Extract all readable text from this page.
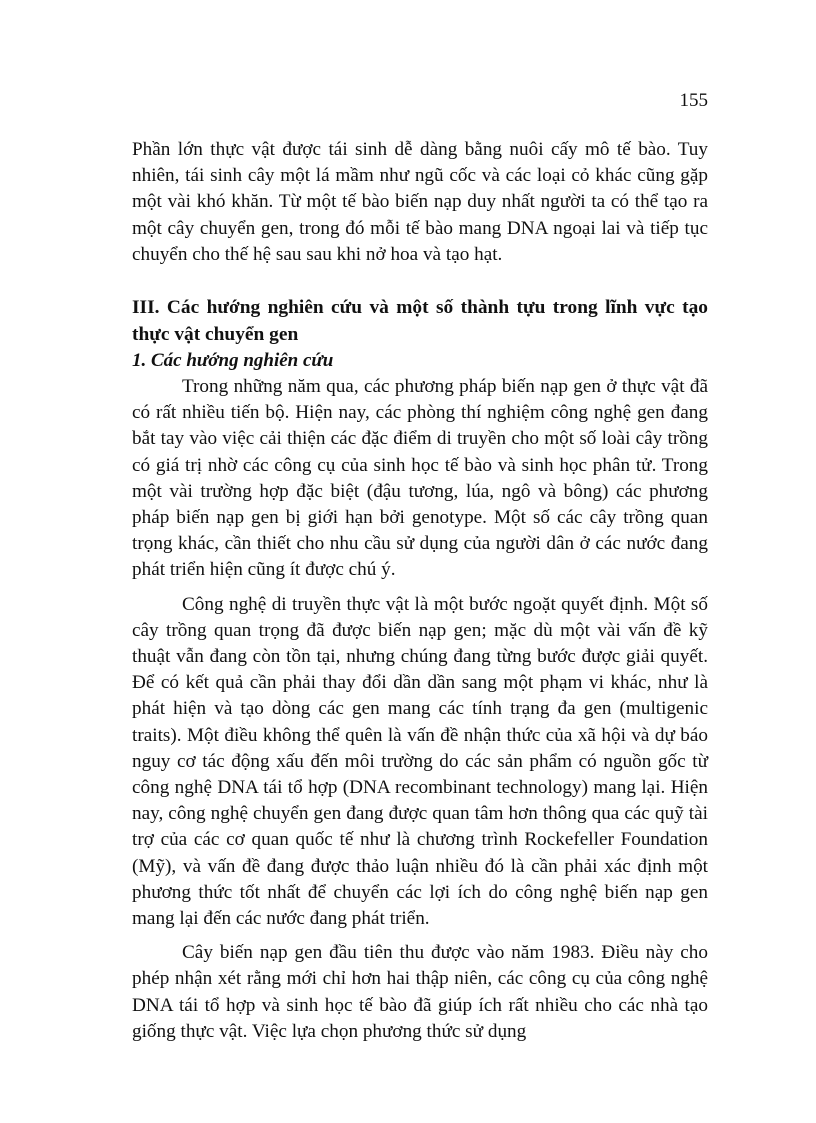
155

Phần lớn thực vật được tái sinh dễ dàng bằng nuôi cấy mô tế bào. Tuy nhiên, tái sinh cây một lá mầm như ngũ cốc và các loại cỏ khác cũng gặp một vài khó khăn. Từ một tế bào biến nạp duy nhất người ta có thể tạo ra một cây chuyển gen, trong đó mỗi tế bào mang DNA ngoại lai và tiếp tục chuyển cho thế hệ sau sau khi nở hoa và tạo hạt.

III. Các hướng nghiên cứu và một số thành tựu trong lĩnh vực tạo thực vật chuyển gen
1. Các hướng nghiên cứu

Trong những năm qua, các phương pháp biến nạp gen ở thực vật đã có rất nhiều tiến bộ. Hiện nay, các phòng thí nghiệm công nghệ gen đang bắt tay vào việc cải thiện các đặc điểm di truyền cho một số loài cây trồng có giá trị nhờ các công cụ của sinh học tế bào và sinh học phân tử. Trong một vài trường hợp đặc biệt (đậu tương, lúa, ngô và bông) các phương pháp biến nạp gen bị giới hạn bởi genotype. Một số các cây trồng quan trọng khác, cần thiết cho nhu cầu sử dụng của người dân ở các nước đang phát triển hiện cũng ít được chú ý.

Công nghệ di truyền thực vật là một bước ngoặt quyết định. Một số cây trồng quan trọng đã được biến nạp gen; mặc dù một vài vấn đề kỹ thuật vẫn đang còn tồn tại, nhưng chúng đang từng bước được giải quyết. Để có kết quả cần phải thay đổi dần dần sang một phạm vi khác, như là phát hiện và tạo dòng các gen mang các tính trạng đa gen (multigenic traits). Một điều không thể quên là vấn đề nhận thức của xã hội và dự báo nguy cơ tác động xấu đến môi trường do các sản phẩm có nguồn gốc từ công nghệ DNA tái tổ hợp (DNA recombinant technology) mang lại. Hiện nay, công nghệ chuyển gen đang được quan tâm hơn thông qua các quỹ tài trợ của các cơ quan quốc tế như là chương trình Rockefeller Foundation (Mỹ), và vấn đề đang được thảo luận nhiều đó là cần phải xác định một phương thức tốt nhất để chuyển các lợi ích do công nghệ biến nạp gen mang lại đến các nước đang phát triển.

Cây biến nạp gen đầu tiên thu được vào năm 1983. Điều này cho phép nhận xét rằng mới chỉ hơn hai thập niên, các công cụ của công nghệ DNA tái tổ hợp và sinh học tế bào đã giúp ích rất nhiều cho các nhà tạo giống thực vật. Việc lựa chọn phương thức sử dụng
